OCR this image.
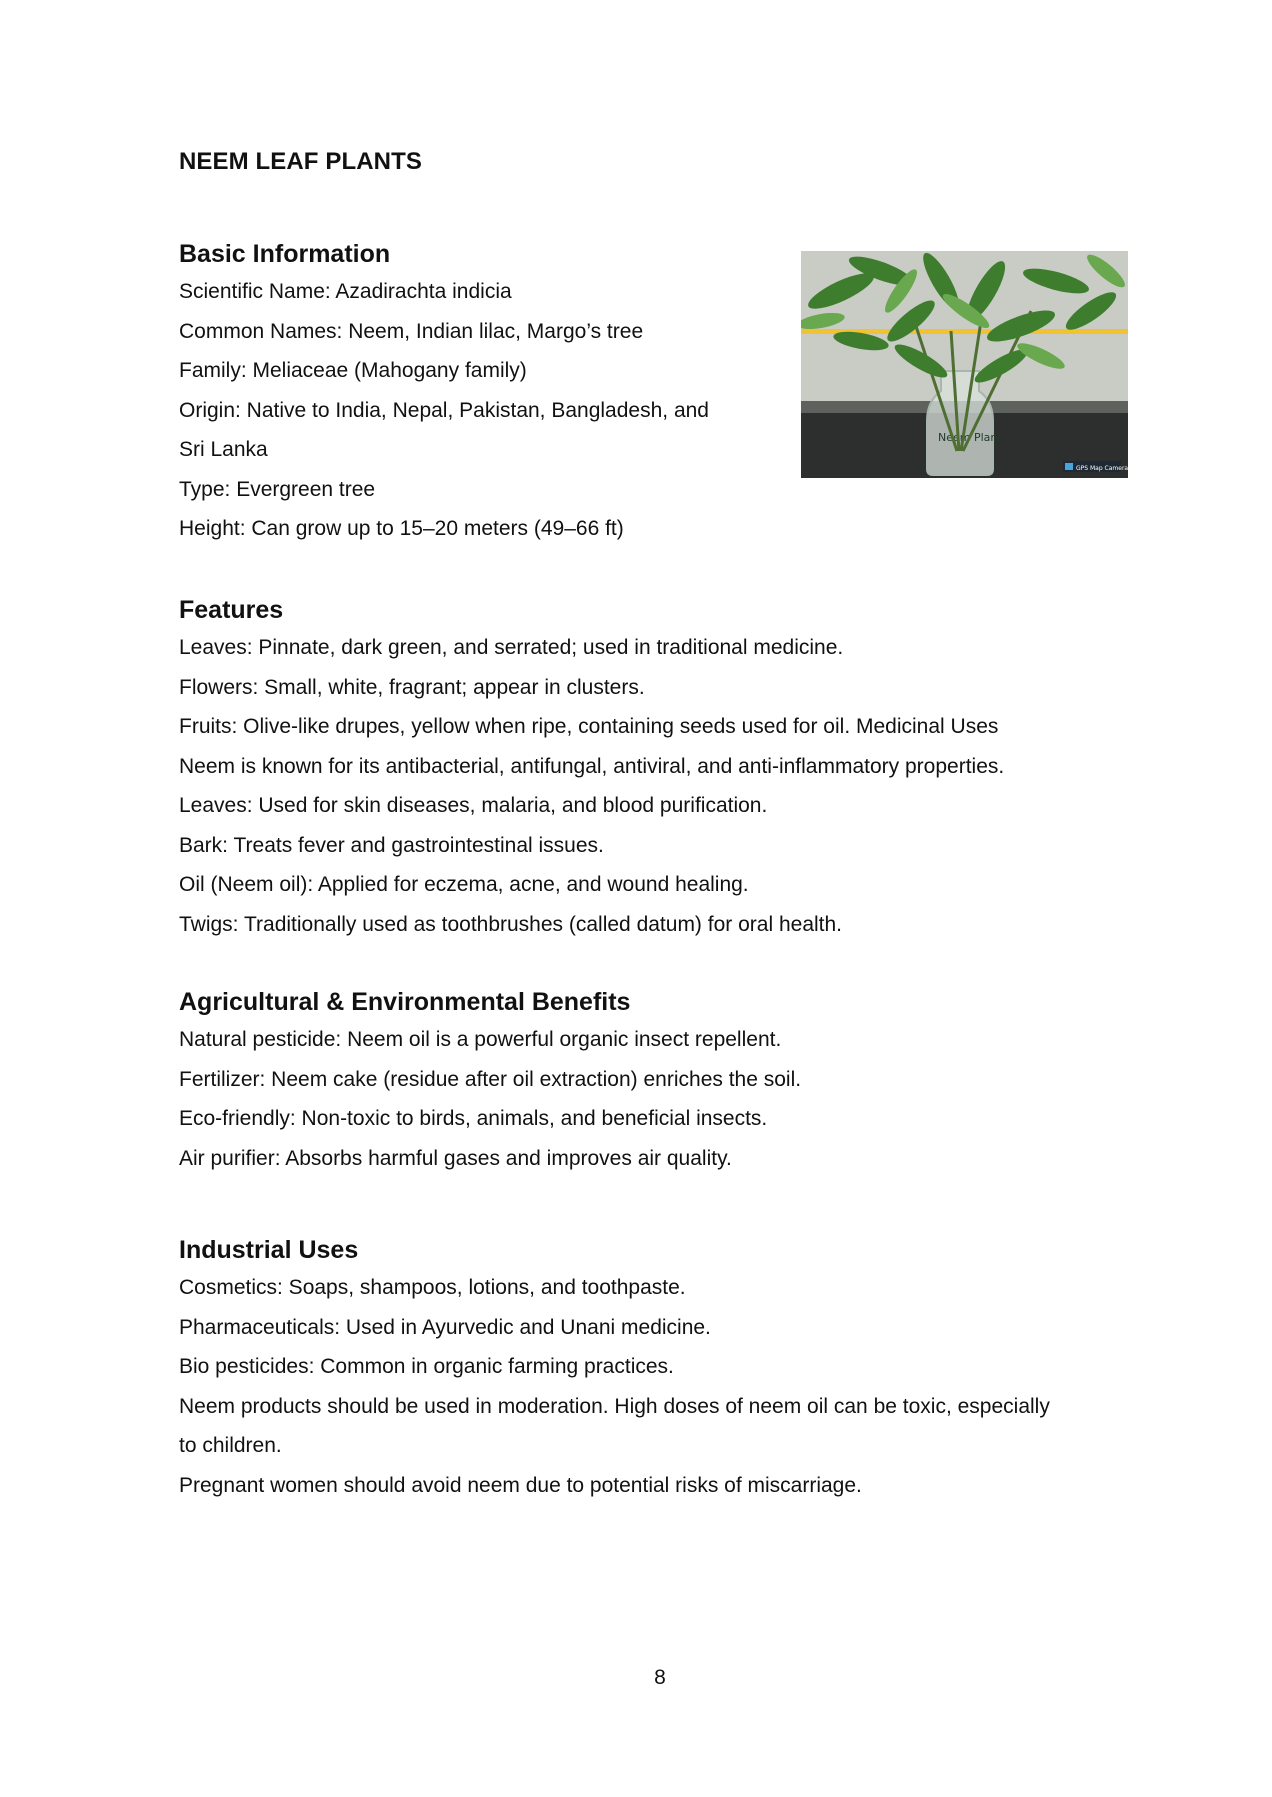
NEEM LEAF PLANTS
Basic Information
Scientific Name: Azadirachta indicia
Common Names: Neem, Indian lilac, Margo’s tree
Family: Meliaceae (Mahogany family)
Origin: Native to India, Nepal, Pakistan, Bangladesh, and
Sri Lanka
Type: Evergreen tree
Height: Can grow up to 15–20 meters (49–66 ft)
Neem Plant
GPS Map Camera
Features
Leaves: Pinnate, dark green, and serrated; used in traditional medicine.
Flowers: Small, white, fragrant; appear in clusters.
Fruits: Olive-like drupes, yellow when ripe, containing seeds used for oil. Medicinal Uses
Neem is known for its antibacterial, antifungal, antiviral, and anti-inflammatory properties.
Leaves: Used for skin diseases, malaria, and blood purification.
Bark: Treats fever and gastrointestinal issues.
Oil (Neem oil): Applied for eczema, acne, and wound healing.
Twigs: Traditionally used as toothbrushes (called datum) for oral health.
Agricultural & Environmental Benefits
Natural pesticide: Neem oil is a powerful organic insect repellent.
Fertilizer: Neem cake (residue after oil extraction) enriches the soil.
Eco-friendly: Non-toxic to birds, animals, and beneficial insects.
Air purifier: Absorbs harmful gases and improves air quality.
Industrial Uses
Cosmetics: Soaps, shampoos, lotions, and toothpaste.
Pharmaceuticals: Used in Ayurvedic and Unani medicine.
Bio pesticides: Common in organic farming practices.
Neem products should be used in moderation. High doses of neem oil can be toxic, especially
to children.
Pregnant women should avoid neem due to potential risks of miscarriage.
8
